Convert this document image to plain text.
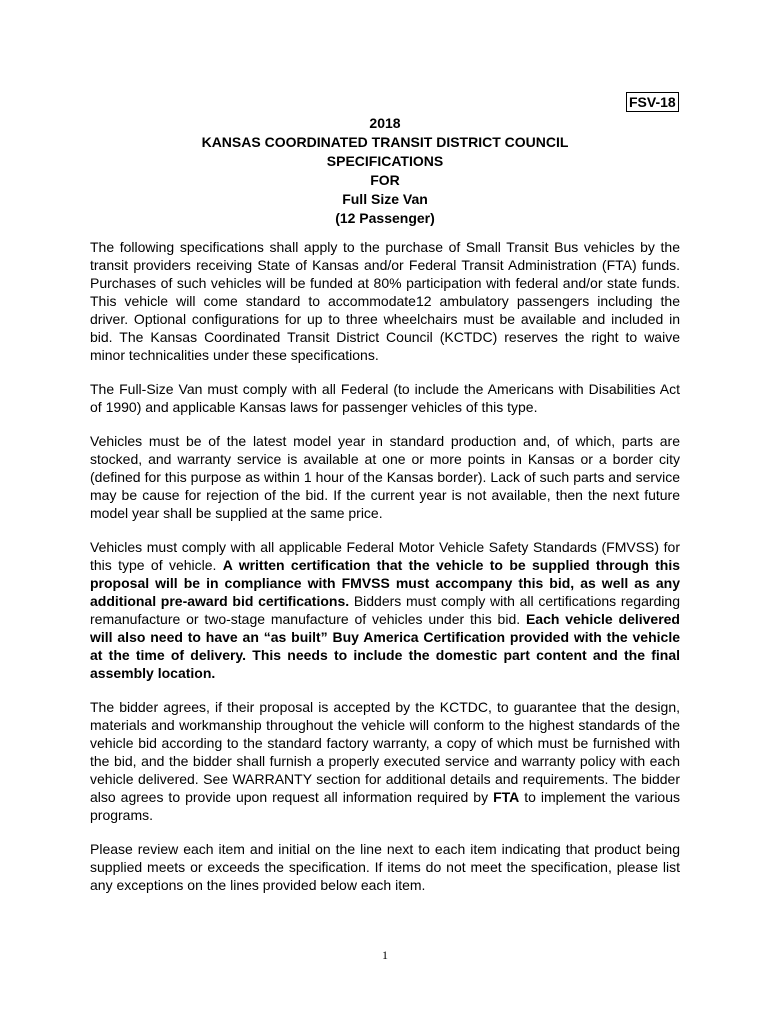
FSV-18
2018
KANSAS COORDINATED TRANSIT DISTRICT COUNCIL
SPECIFICATIONS
FOR
Full Size Van
(12 Passenger)

The following specifications shall apply to the purchase of Small Transit Bus vehicles by the transit providers receiving State of Kansas and/or Federal Transit Administration (FTA) funds. Purchases of such vehicles will be funded at 80% participation with federal and/or state funds. This vehicle will come standard to accommodate12 ambulatory passengers including the driver. Optional configurations for up to three wheelchairs must be available and included in bid. The Kansas Coordinated Transit District Council (KCTDC) reserves the right to waive minor technicalities under these specifications.

The Full-Size Van must comply with all Federal (to include the Americans with Disabilities Act of 1990) and applicable Kansas laws for passenger vehicles of this type.

Vehicles must be of the latest model year in standard production and, of which, parts are stocked, and warranty service is available at one or more points in Kansas or a border city (defined for this purpose as within 1 hour of the Kansas border). Lack of such parts and service may be cause for rejection of the bid. If the current year is not available, then the next future model year shall be supplied at the same price.

Vehicles must comply with all applicable Federal Motor Vehicle Safety Standards (FMVSS) for this type of vehicle. A written certification that the vehicle to be supplied through this proposal will be in compliance with FMVSS must accompany this bid, as well as any additional pre-award bid certifications. Bidders must comply with all certifications regarding remanufacture or two-stage manufacture of vehicles under this bid. Each vehicle delivered will also need to have an “as built” Buy America Certification provided with the vehicle at the time of delivery. This needs to include the domestic part content and the final assembly location.

The bidder agrees, if their proposal is accepted by the KCTDC, to guarantee that the design, materials and workmanship throughout the vehicle will conform to the highest standards of the vehicle bid according to the standard factory warranty, a copy of which must be furnished with the bid, and the bidder shall furnish a properly executed service and warranty policy with each vehicle delivered. See WARRANTY section for additional details and requirements. The bidder also agrees to provide upon request all information required by FTA to implement the various programs.

Please review each item and initial on the line next to each item indicating that product being supplied meets or exceeds the specification. If items do not meet the specification, please list any exceptions on the lines provided below each item.

1
